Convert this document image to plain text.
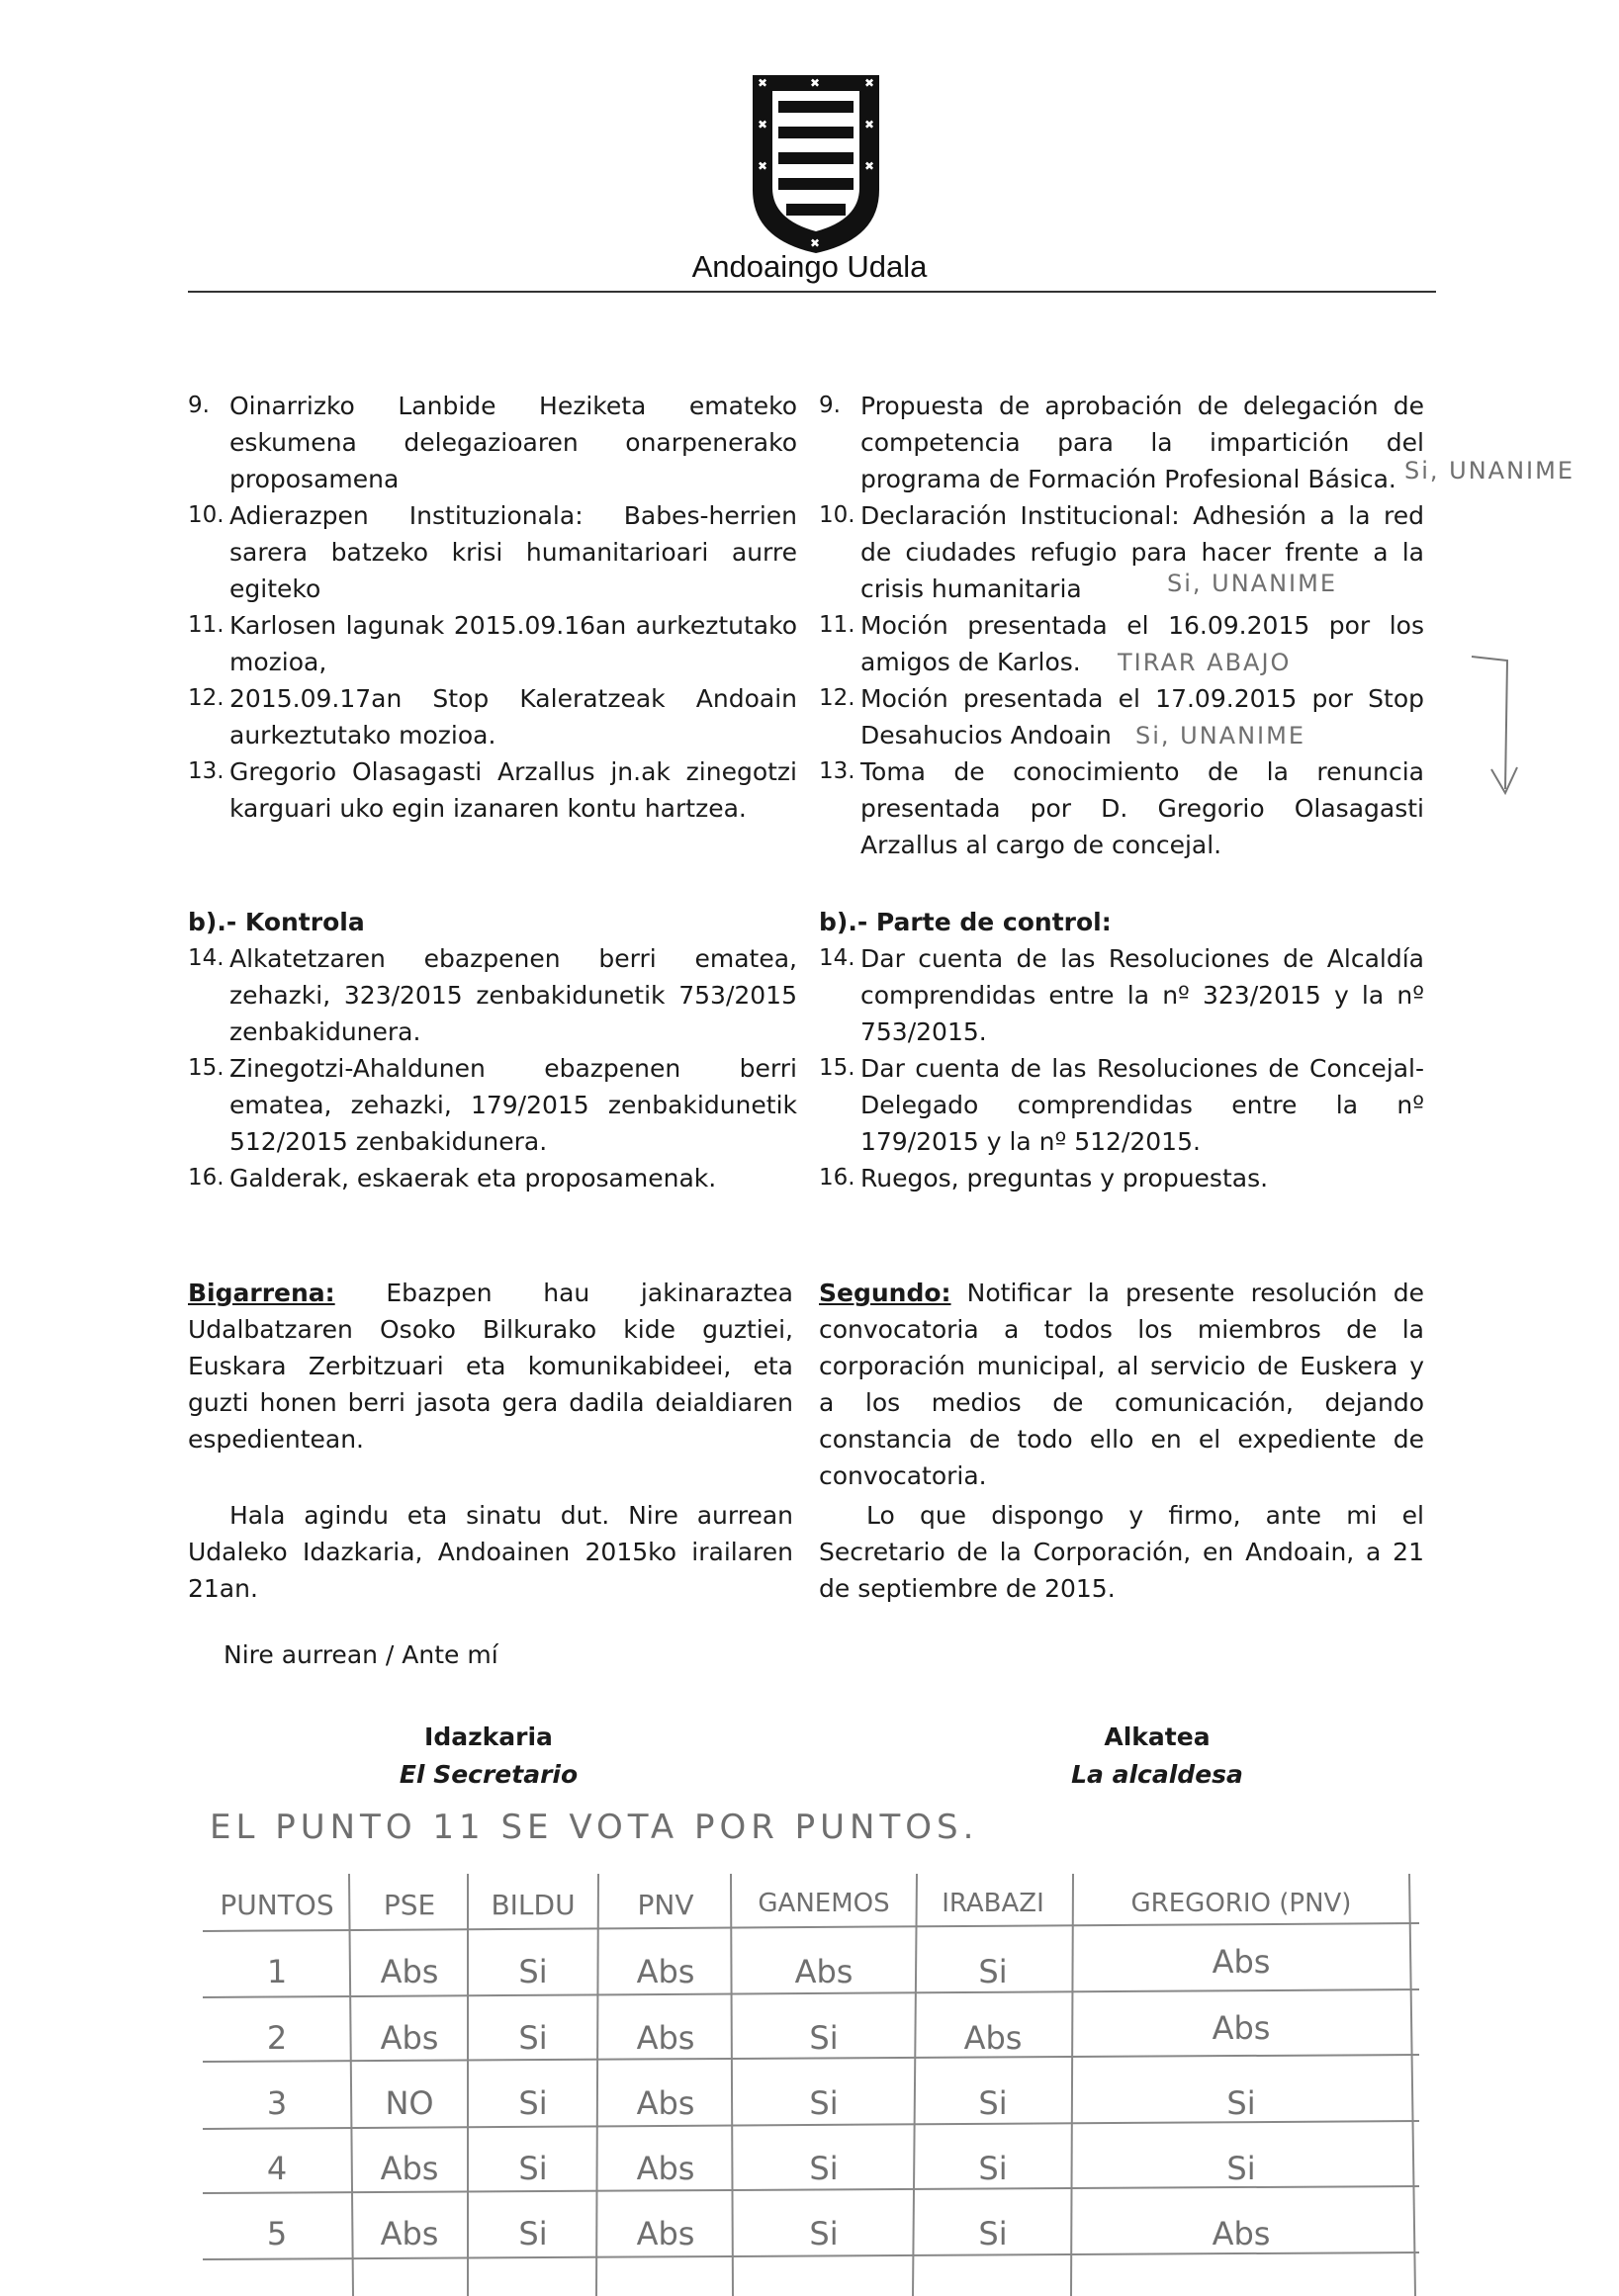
✖	✖	✖
✖	✖
✖	✖
✖
Andoaingo Udala
9. Oinarrizko Lanbide Heziketa emateko eskumena delegazioaren onarpenerako proposamena
10. Adierazpen Instituzionala: Babes-herrien sarera batzeko krisi humanitarioari aurre egiteko
11. Karlosen lagunak 2015.09.16an aurkeztutako mozioa,
12. 2015.09.17an Stop Kaleratzeak Andoain aurkeztutako mozioa.
13. Gregorio Olasagasti Arzallus jn.ak zinegotzi karguari uko egin izanaren kontu hartzea.
9. Propuesta de aprobación de delegación de competencia para la impartición del programa de Formación Profesional Básica.
10. Declaración Institucional: Adhesión a la red de ciudades refugio para hacer frente a la crisis humanitaria
11. Moción presentada el 16.09.2015 por los amigos de Karlos.
12. Moción presentada el 17.09.2015 por Stop Desahucios Andoain
13. Toma de conocimiento de la renuncia presentada por D. Gregorio Olasagasti Arzallus al cargo de concejal.
Si, UNANIME
Si, UNANIME
TIRAR ABAJO
Si, UNANIME
b).- Kontrola	b).- Parte de control:
14. Alkatetzaren ebazpenen berri ematea, zehazki, 323/2015 zenbakidunetik 753/2015 zenbakidunera.
15. Zinegotzi-Ahaldunen ebazpenen berri ematea, zehazki, 179/2015 zenbakidunetik 512/2015 zenbakidunera.
16. Galderak, eskaerak eta proposamenak.
14. Dar cuenta de las Resoluciones de Alcaldía comprendidas entre la nº 323/2015 y la nº 753/2015.
15. Dar cuenta de las Resoluciones de Concejal-Delegado comprendidas entre la nº 179/2015 y la nº 512/2015.
16. Ruegos, preguntas y propuestas.
Bigarrena: Ebazpen hau jakinaraztea Udalbatzaren Osoko Bilkurako kide guztiei, Euskara Zerbitzuari eta komunikabideei, eta guzti honen berri jasota gera dadila deialdiaren espedientean.
Segundo: Notificar la presente resolución de convocatoria a todos los miembros de la corporación municipal, al servicio de Euskera y a los medios de comunicación, dejando constancia de todo ello en el expediente de convocatoria.
Hala agindu eta sinatu dut. Nire aurrean Udaleko Idazkaria, Andoainen 2015ko irailaren 21an.
Lo que dispongo y firmo, ante mi el Secretario de la Corporación, en Andoain, a 21 de septiembre de 2015.
Nire aurrean / Ante mí
Idazkaria
El Secretario
Alkatea
La alcaldesa
EL PUNTO 11 SE VOTA POR PUNTOS.
PUNTOS	PSE	BILDU	PNV	GANEMOS	IRABAZI	GREGORIO (PNV)
1	Abs	Si	Abs	Abs	Si	Abs
2	Abs	Si	Abs	Si	Abs	Abs
3	NO	Si	Abs	Si	Si	Si
4	Abs	Si	Abs	Si	Si	Si
5	Abs	Si	Abs	Si	Si	Abs
